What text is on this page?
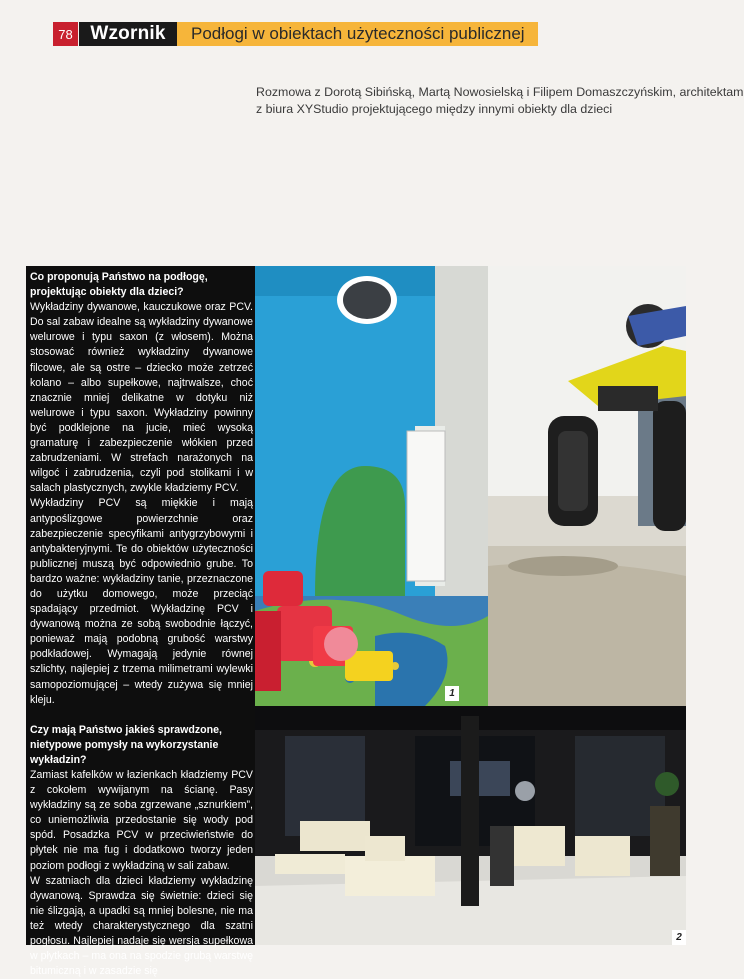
78 Wzornik	Podłogi w obiektach użyteczności publicznej
Rozmowa z Dorotą Sibińską, Martą Nowosielską i Filipem Domaszczyńskim, architektam
z biura XYStudio projektującego między innymi obiekty dla dzieci

Co proponują Państwo na podłogę, projektując obiekty dla dzieci?

Wykładziny dywanowe, kauczukowe oraz PCV. Do sal zabaw idealne są wykładziny dywanowe welurowe i typu saxon (z włosem). Można stosować również wykładziny dywanowe filcowe, ale są ostre – dziecko może zetrzeć kolano – albo supełkowe, najtrwalsze, choć znacznie mniej delikatne w dotyku niż welurowe i typu saxon. Wykładziny powinny być podklejone na jucie, mieć wysoką gramaturę i zabezpieczenie włókien przed zabrudzeniami. W strefach narażonych na wilgoć i zabrudzenia, czyli pod stolikami i w salach plastycznych, zwykle kładziemy PCV.

Wykładziny PCV są miękkie i mają antypoślizgowe powierzchnie oraz zabezpieczenie specyfikami antygrzybowymi i antybakteryjnymi. Te do obiektów użyteczności publicznej muszą być odpowiednio grube. To bardzo ważne: wykładziny tanie, przeznaczone do użytku domowego, może przeciąć spadający przedmiot. Wykładzinę PCV i dywanową można ze sobą swobodnie łączyć, ponieważ mają podobną grubość warstwy podkładowej. Wymagają jedynie równej szlichty, najlepiej z trzema milimetrami wylewki samopoziomującej – wtedy zużywa się mniej kleju.

Czy mają Państwo jakieś sprawdzone, nietypowe pomysły na wykorzystanie wykładzin?

Zamiast kafelków w łazienkach kładziemy PCV z cokołem wywijanym na ścianę. Pasy wykładziny są ze soba zgrzewane „sznurkiem”, co uniemożliwia przedostanie się wody pod spód. Posadzka PCV w przeciwieństwie do płytek nie ma fug i dodatkowo tworzy jeden poziom podłogi z wykładziną w sali zabaw.

W szatniach dla dzieci kładziemy wykładzinę dywanową. Sprawdza się świetnie: dzieci się nie ślizgają, a upadki są mniej bolesne, nie ma też wtedy charakterystycznego dla szatni pogłosu. Najlepiej nadaje się wersja supełkowa w płytkach – ma ona na spodzie grubą warstwę bitumiczną i w zasadzie się

1
2
